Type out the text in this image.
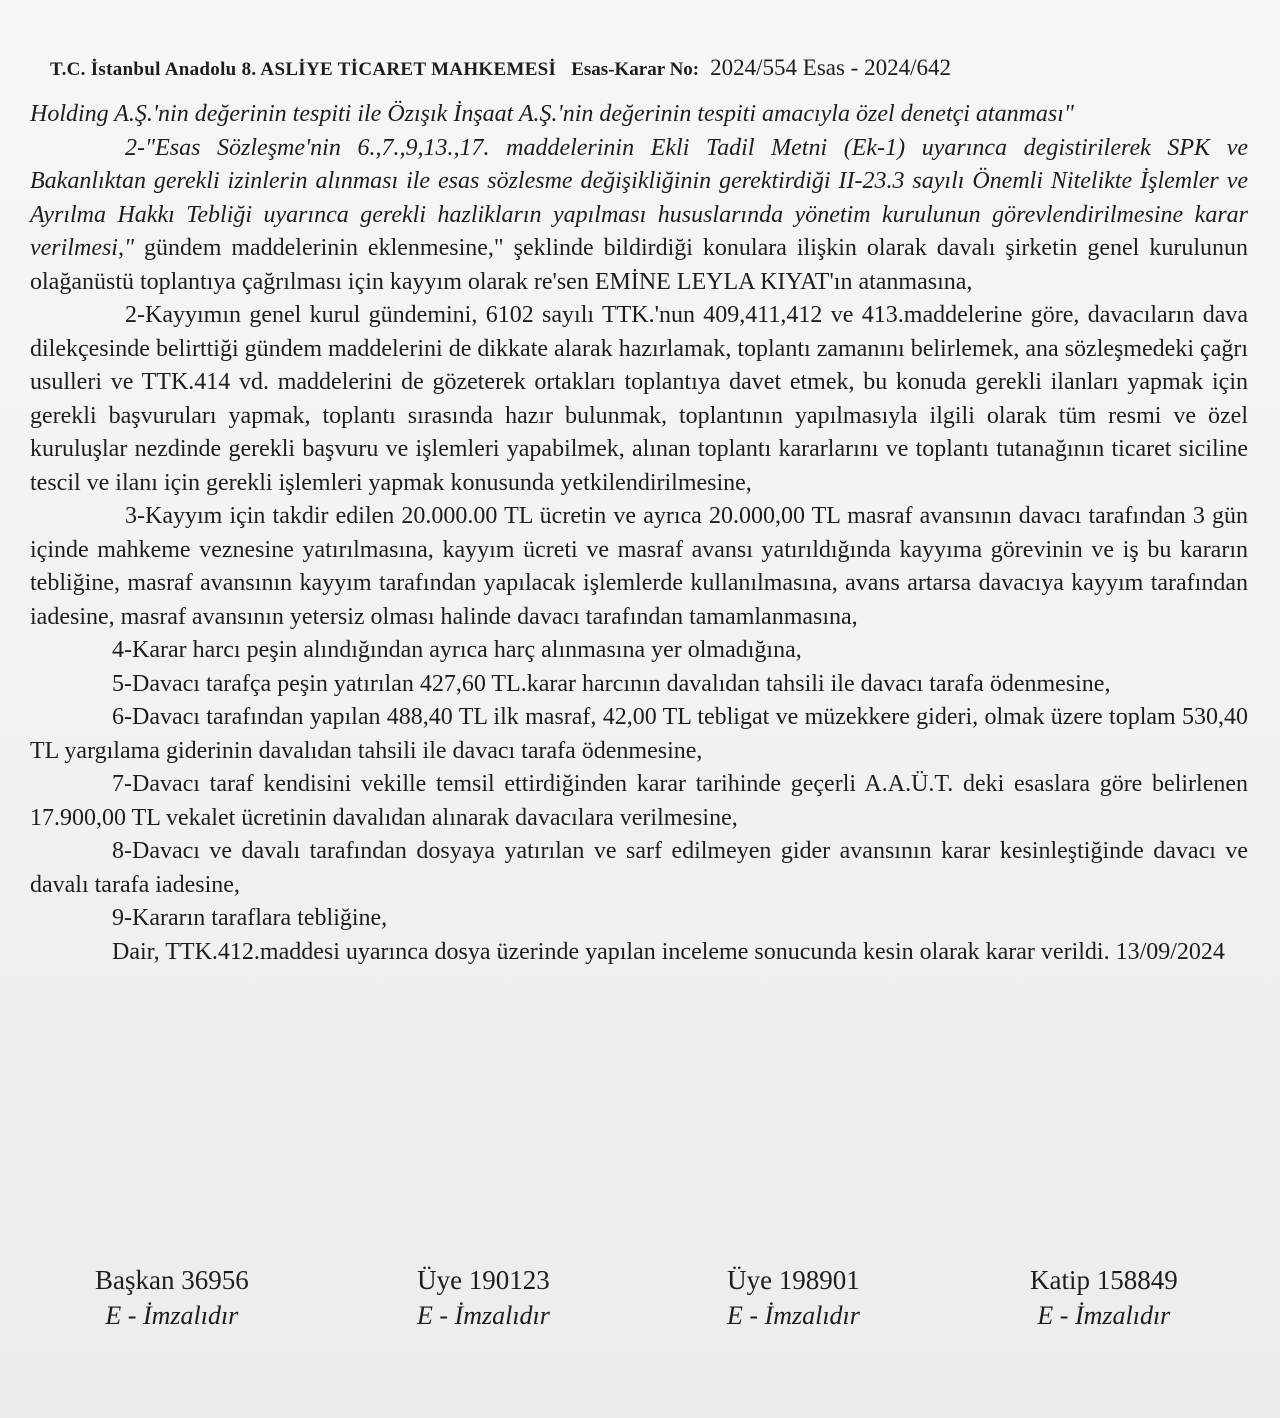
T.C. İstanbul Anadolu 8. ASLİYE TİCARET MAHKEMESİ Esas-Karar No: 2024/554 Esas - 2024/642

Holding A.Ş.'nin değerinin tespiti ile Özışık İnşaat A.Ş.'nin değerinin tespiti amacıyla özel denetçi atanması"

2-"Esas Sözleşme'nin 6.,7.,9,13.,17. maddelerinin Ekli Tadil Metni (Ek-1) uyarınca degistirilerek SPK ve Bakanlıktan gerekli izinlerin alınması ile esas sözlesme değişikliğinin gerektirdiği II-23.3 sayılı Önemli Nitelikte İşlemler ve Ayrılma Hakkı Tebliği uyarınca gerekli hazlikların yapılması hususlarında yönetim kurulunun görevlendirilmesine karar verilmesi," gündem maddelerinin eklenmesine," şeklinde bildirdiği konulara ilişkin olarak davalı şirketin genel kurulunun olağanüstü toplantıya çağrılması için kayyım olarak re'sen EMİNE LEYLA KIYAT'ın atanmasına,

2-Kayyımın genel kurul gündemini, 6102 sayılı TTK.'nun 409,411,412 ve 413.maddelerine göre, davacıların dava dilekçesinde belirttiği gündem maddelerini de dikkate alarak hazırlamak, toplantı zamanını belirlemek, ana sözleşmedeki çağrı usulleri ve TTK.414 vd. maddelerini de gözeterek ortakları toplantıya davet etmek, bu konuda gerekli ilanları yapmak için gerekli başvuruları yapmak, toplantı sırasında hazır bulunmak, toplantının yapılmasıyla ilgili olarak tüm resmi ve özel kuruluşlar nezdinde gerekli başvuru ve işlemleri yapabilmek, alınan toplantı kararlarını ve toplantı tutanağının ticaret siciline tescil ve ilanı için gerekli işlemleri yapmak konusunda yetkilendirilmesine,

3-Kayyım için takdir edilen 20.000.00 TL ücretin ve ayrıca 20.000,00 TL masraf avansının davacı tarafından 3 gün içinde mahkeme veznesine yatırılmasına, kayyım ücreti ve masraf avansı yatırıldığında kayyıma görevinin ve iş bu kararın tebliğine, masraf avansının kayyım tarafından yapılacak işlemlerde kullanılmasına, avans artarsa davacıya kayyım tarafından iadesine, masraf avansının yetersiz olması halinde davacı tarafından tamamlanmasına,

4-Karar harcı peşin alındığından ayrıca harç alınmasına yer olmadığına,

5-Davacı tarafça peşin yatırılan 427,60 TL.karar harcının davalıdan tahsili ile davacı tarafa ödenmesine,

6-Davacı tarafından yapılan 488,40 TL ilk masraf, 42,00 TL tebligat ve müzekkere gideri, olmak üzere toplam 530,40 TL yargılama giderinin davalıdan tahsili ile davacı tarafa ödenmesine,

7-Davacı taraf kendisini vekille temsil ettirdiğinden karar tarihinde geçerli A.A.Ü.T. deki esaslara göre belirlenen 17.900,00 TL vekalet ücretinin davalıdan alınarak davacılara verilmesine,

8-Davacı ve davalı tarafından dosyaya yatırılan ve sarf edilmeyen gider avansının karar kesinleştiğinde davacı ve davalı tarafa iadesine,

9-Kararın taraflara tebliğine,

Dair, TTK.412.maddesi uyarınca dosya üzerinde yapılan inceleme sonucunda kesin olarak karar verildi. 13/09/2024

Başkan 36956
E - İmzalıdır
Üye 190123
E - İmzalıdır
Üye 198901
E - İmzalıdır
Katip 158849
E - İmzalıdır
